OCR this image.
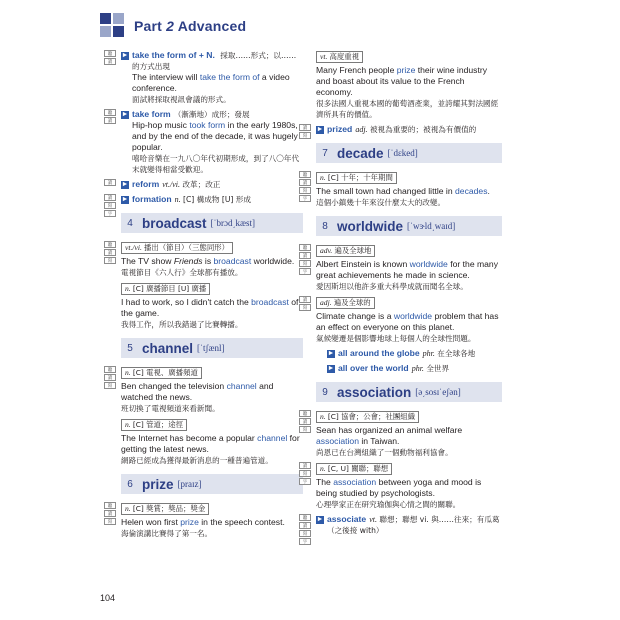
Part 2 Advanced
聽
讀
► take the form of + N. 採取……形式；以……的方式出現
The interview will take the form of a video conference.
面試將採取視訊會議的形式。
聽
讀
► take form （漸漸地）成形；發展
Hip-hop music took form in the early 1980s, and by the end of the decade, it was hugely popular.
嘻哈音樂在一九八〇年代初期形成，到了八〇年代末就變得相當受歡迎。
讀	► reform vt./vi. 改革；改正
讀
寫
字
► formation n. [C] 構成物 [U] 形成
4 broadcast [ˈbrɔd͵kæst]
聽
讀
寫
vt./vi. 播出（節目）（三態同形）
The TV show Friends is broadcast worldwide.
電視節目《六人行》全球都有播放。
n. [C] 廣播節目 [U] 廣播
I had to work, so I didn't catch the broadcast of the game.
我得工作，所以我錯過了比賽轉播。
5 channel [ˈtʃænl]
聽
讀
寫
n. [C] 電視、廣播頻道
Ben changed the television channel and watched the news.
班切換了電視頻道來看新聞。
n. [C] 管道；途徑
The Internet has become a popular channel for getting the latest news.
網路已經成為獲得最新消息的一種普遍管道。
6 prize [praɪz]
聽
讀
寫
n. [C] 獎賞；獎品；獎金
Helen won first prize in the speech contest.
海倫演講比賽得了第一名。
vt. 高度重視
Many French people prize their wine industry and boast about its value to the French economy.
很多法國人重視本國的葡萄酒產業，並誇耀其對法國經濟所具有的價值。
讀
寫
► prized adj. 被視為重要的；被視為有價值的
7 decade [ˈdɛked]
聽
讀
寫
字
n. [C] 十年；十年期間
The small town had changed little in decades.
這個小鎮幾十年來沒什麼太大的改變。
8 worldwide [ˈwɝld͵waɪd]
聽
讀
寫
字
adv. 遍及全球地
Albert Einstein is known worldwide for the many great achievements he made in science.
愛因斯坦以他許多重大科學成就而聞名全球。
讀
寫
adj. 遍及全球的
Climate change is a worldwide problem that has an effect on everyone on this planet.
氣候變遷是個影響地球上每個人的全球性問題。
► all around the globe phr. 在全球各地
► all over the world phr. 全世界
9 association [ə͵sosɪˈeʃən]
聽
讀
寫
n. [C] 協會；公會；社團組織
Sean has organized an animal welfare association in Taiwan.
尚恩已在台灣組織了一個動物福利協會。
讀
寫
字
n. [C, U] 關聯；聯想
The association between yoga and mood is being studied by psychologists.
心理學家正在研究瑜伽與心情之間的關聯。
聽
讀
寫
字
► associate vt. 聯想；聯想 vi. 與……往來；有瓜葛（之後接 with）
104
